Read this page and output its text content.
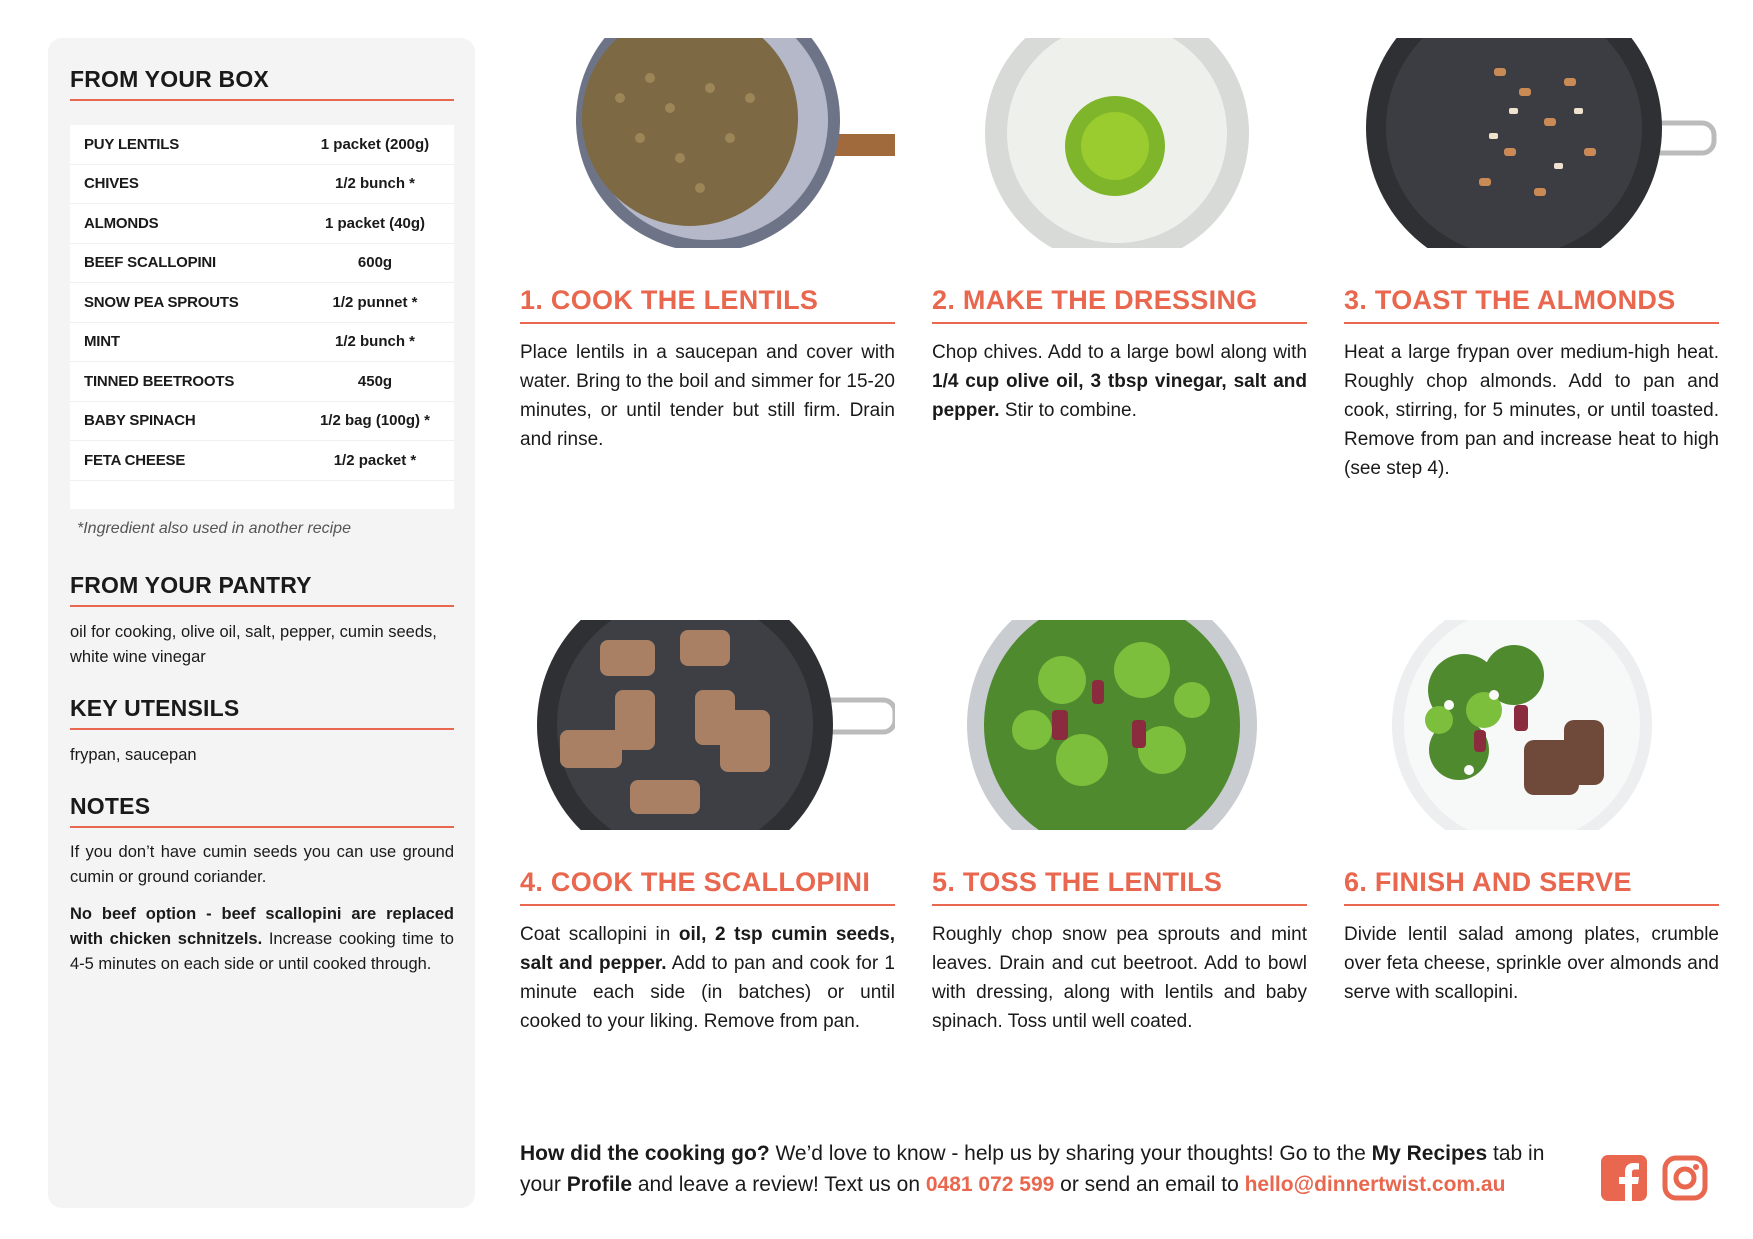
FROM YOUR BOX
PUY LENTILS	1 packet (200g)
CHIVES	1/2 bunch *
ALMONDS	1 packet (40g)
BEEF SCALLOPINI	600g
SNOW PEA SPROUTS	1/2 punnet *
MINT	1/2 bunch *
TINNED BEETROOTS	450g
BABY SPINACH	1/2 bag (100g) *
FETA CHEESE	1/2 packet *
*Ingredient also used in another recipe
FROM YOUR PANTRY

oil for cooking, olive oil, salt, pepper, cumin seeds, white wine vinegar

KEY UTENSILS

frypan, saucepan

NOTES

If you don’t have cumin seeds you can use ground cumin or ground coriander.

No beef option - beef scallopini are replaced with chicken schnitzels. Increase cooking time to 4-5 minutes on each side or until cooked through.

1. COOK THE LENTILS

Place lentils in a saucepan and cover with water. Bring to the boil and simmer for 15-20 minutes, or until tender but still firm. Drain and rinse.

2. MAKE THE DRESSING

Chop chives. Add to a large bowl along with 1/4 cup olive oil, 3 tbsp vinegar, salt and pepper. Stir to combine.

3. TOAST THE ALMONDS

Heat a large frypan over medium-high heat. Roughly chop almonds. Add to pan and cook, stirring, for 5 minutes, or until toasted. Remove from pan and increase heat to high (see step 4).

4. COOK THE SCALLOPINI

Coat scallopini in oil, 2 tsp cumin seeds, salt and pepper. Add to pan and cook for 1 minute each side (in batches) or until cooked to your liking. Remove from pan.

5. TOSS THE LENTILS

Roughly chop snow pea sprouts and mint leaves. Drain and cut beetroot. Add to bowl with dressing, along with lentils and baby spinach. Toss until well coated.

6. FINISH AND SERVE

Divide lentil salad among plates, crumble over feta cheese, sprinkle over almonds and serve with scallopini.

How did the cooking go? We’d love to know - help us by sharing your thoughts! Go to the My Recipes tab in your Profile and leave a review! Text us on 0481 072 599 or send an email to hello@dinnertwist.com.au
